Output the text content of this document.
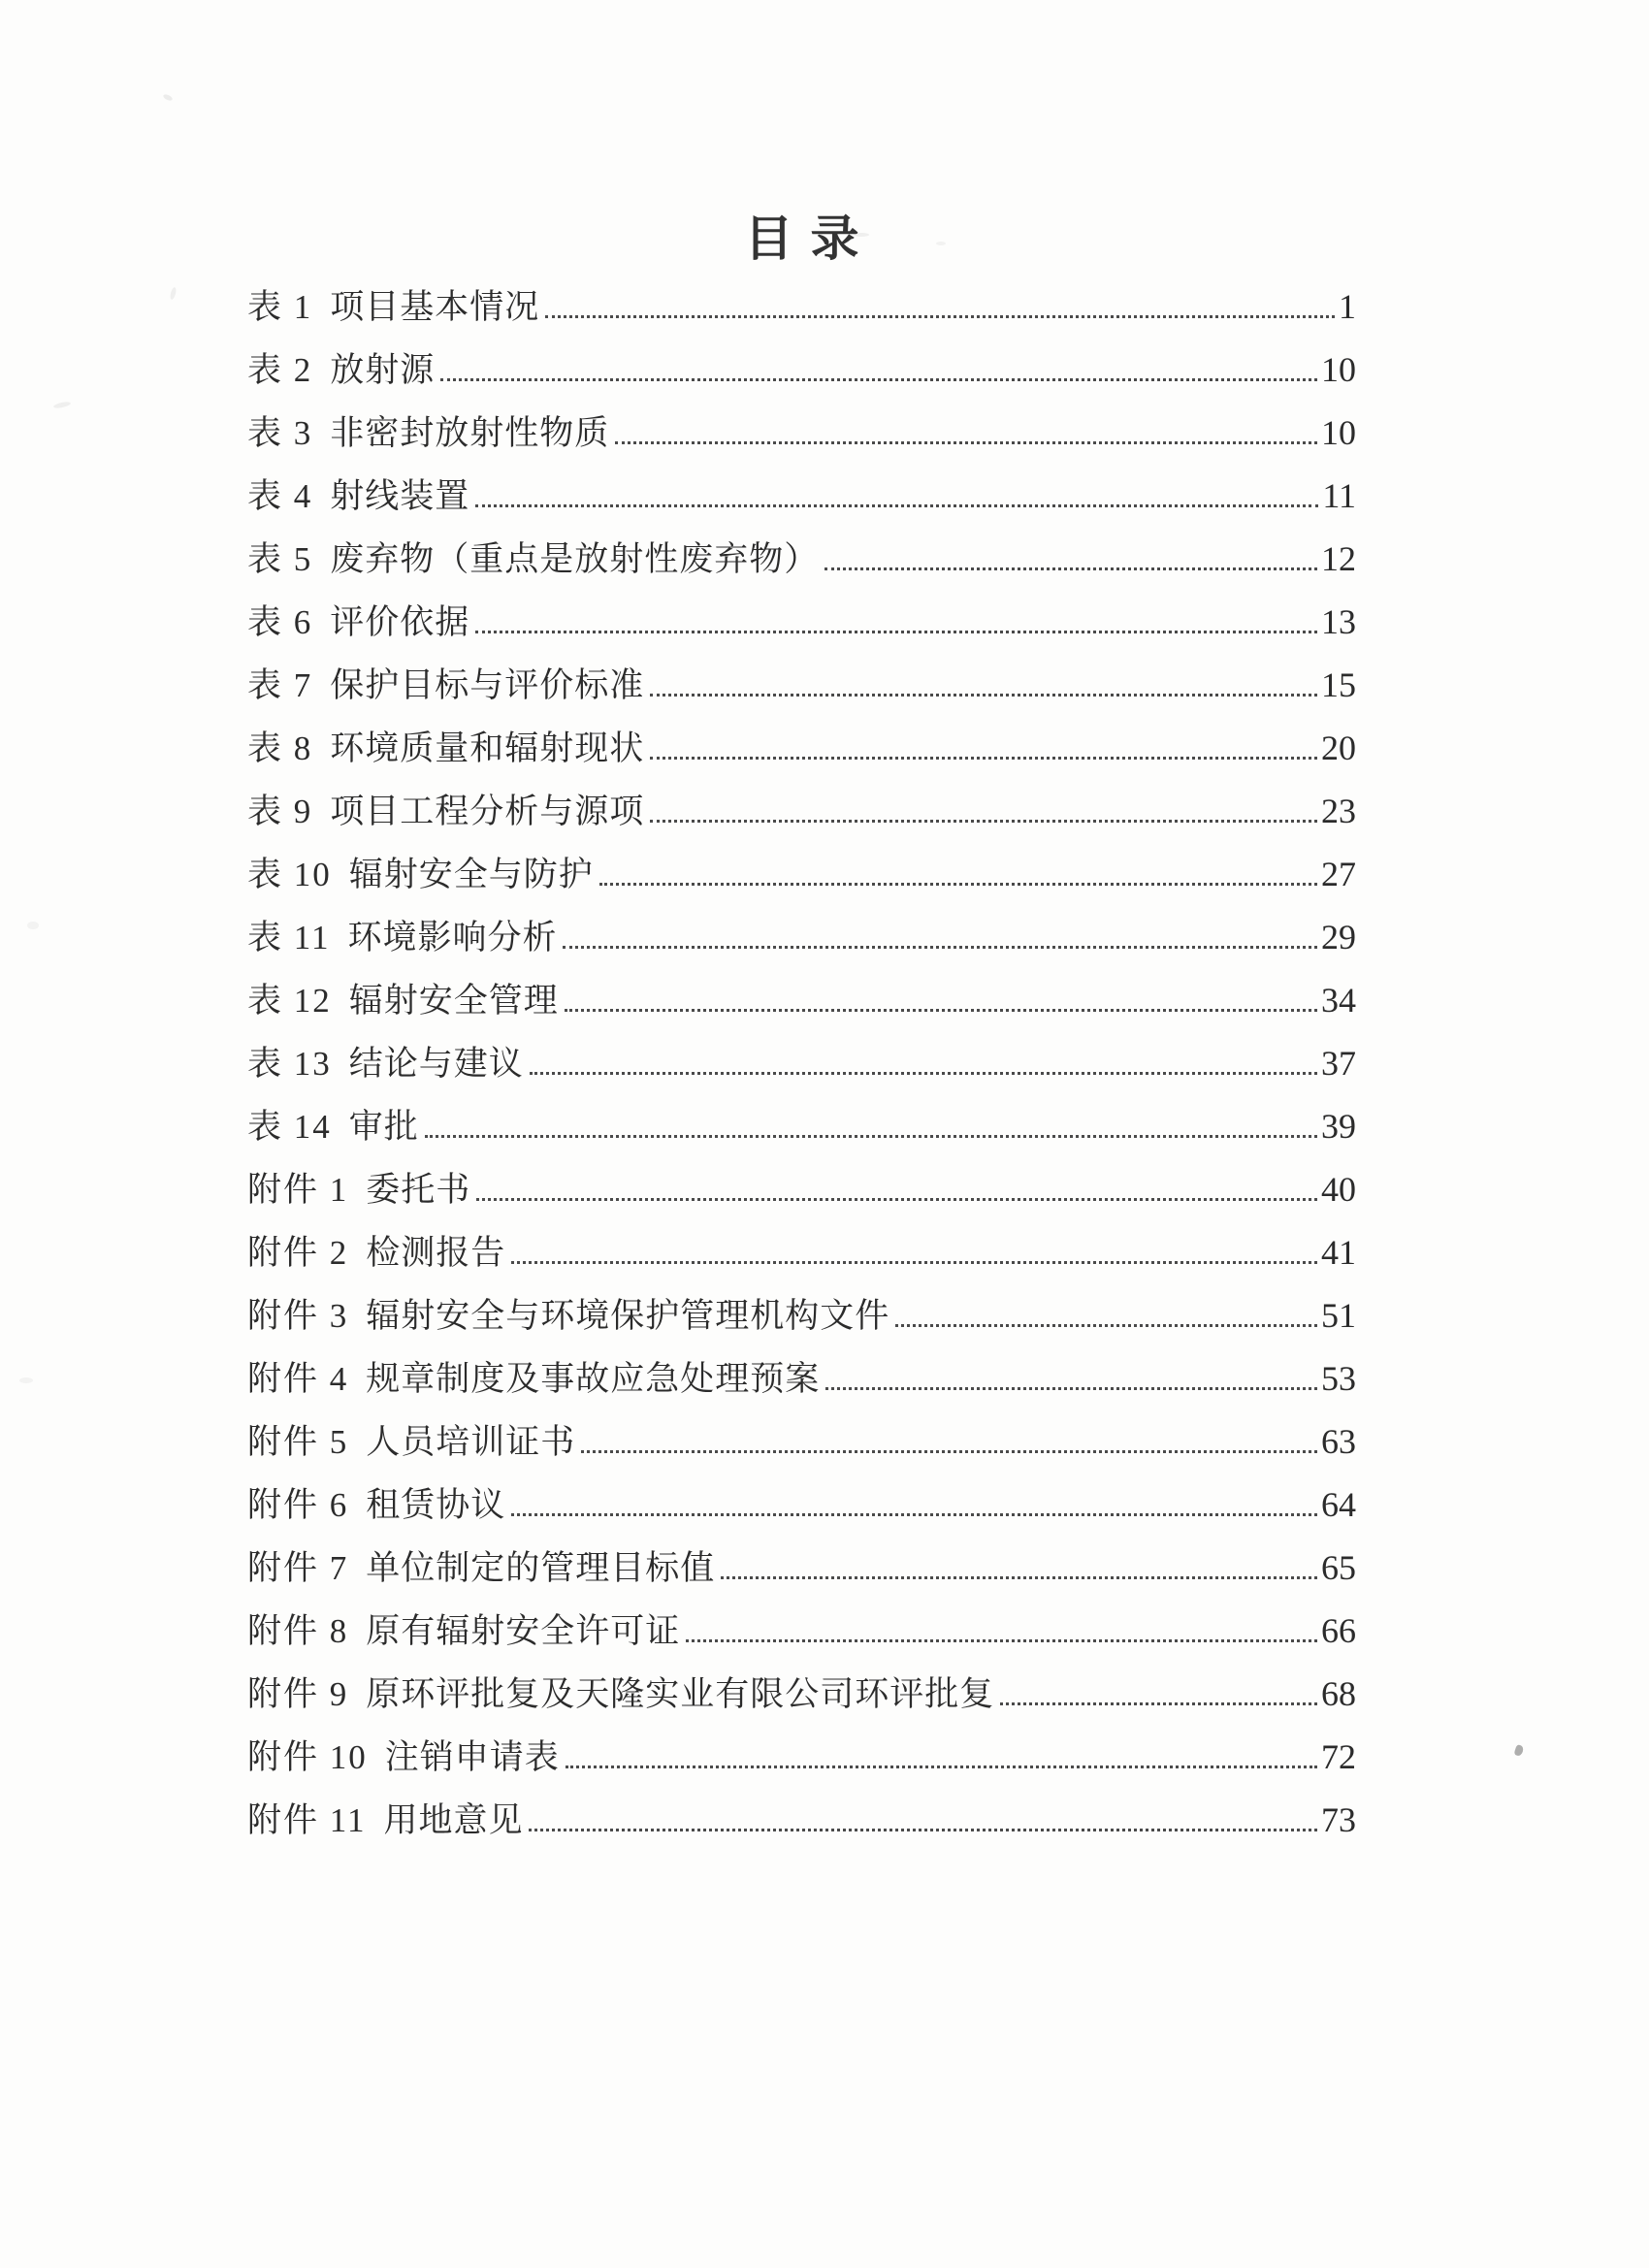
目录
表 1 项目基本情况	1
表 2 放射源	10
表 3 非密封放射性物质	10
表 4 射线装置	11
表 5 废弃物（重点是放射性废弃物）	12
表 6 评价依据	13
表 7 保护目标与评价标准	15
表 8 环境质量和辐射现状	20
表 9 项目工程分析与源项	23
表 10 辐射安全与防护	27
表 11 环境影响分析	29
表 12 辐射安全管理	34
表 13 结论与建议	37
表 14 审批	39
附件 1 委托书	40
附件 2 检测报告	41
附件 3 辐射安全与环境保护管理机构文件	51
附件 4 规章制度及事故应急处理预案	53
附件 5 人员培训证书	63
附件 6 租赁协议	64
附件 7 单位制定的管理目标值	65
附件 8 原有辐射安全许可证	66
附件 9 原环评批复及天隆实业有限公司环评批复	68
附件 10 注销申请表	72
附件 11 用地意见	73
